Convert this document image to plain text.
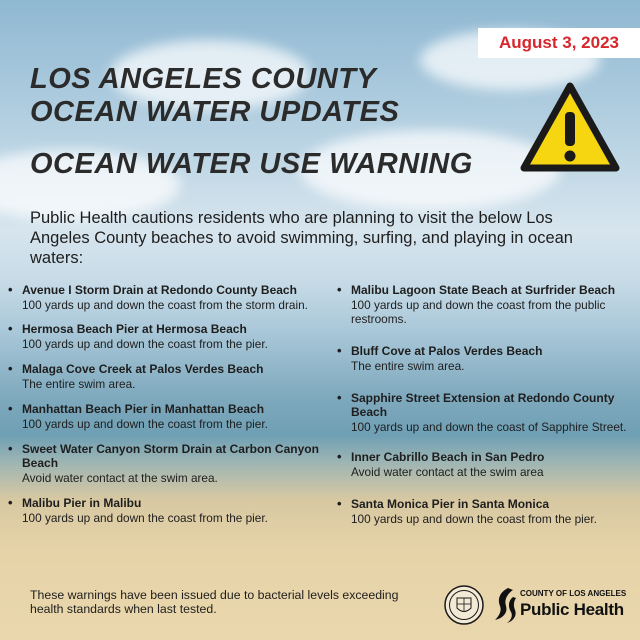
August 3, 2023
LOS ANGELES COUNTY
OCEAN WATER UPDATES
OCEAN WATER USE WARNING

Public Health cautions residents who are planning to visit the below Los Angeles County beaches to avoid swimming, surfing, and playing in ocean waters:

• Avenue I Storm Drain at Redondo County Beach
100 yards up and down the coast from the storm drain.
• Hermosa Beach Pier at Hermosa Beach
100 yards up and down the coast from the pier.
• Malaga Cove Creek at Palos Verdes Beach
The entire swim area.
• Manhattan Beach Pier in Manhattan Beach
100 yards up and down the coast from the pier.
• Sweet Water Canyon Storm Drain at Carbon Canyon Beach
Avoid water contact at the swim area.
• Malibu Pier in Malibu
100 yards up and down the coast from the pier.
• Malibu Lagoon State Beach at Surfrider Beach
100 yards up and down the coast from the public restrooms.
• Bluff Cove at Palos Verdes Beach
The entire swim area.
• Sapphire Street Extension at Redondo County Beach
100 yards up and down the coast of Sapphire Street.
• Inner Cabrillo Beach in San Pedro
Avoid water contact at the swim area
• Santa Monica Pier in Santa Monica
100 yards up and down the coast from the pier.

These warnings have been issued due to bacterial levels exceeding health standards when last tested.

COUNTY OF LOS ANGELES
Public Health
